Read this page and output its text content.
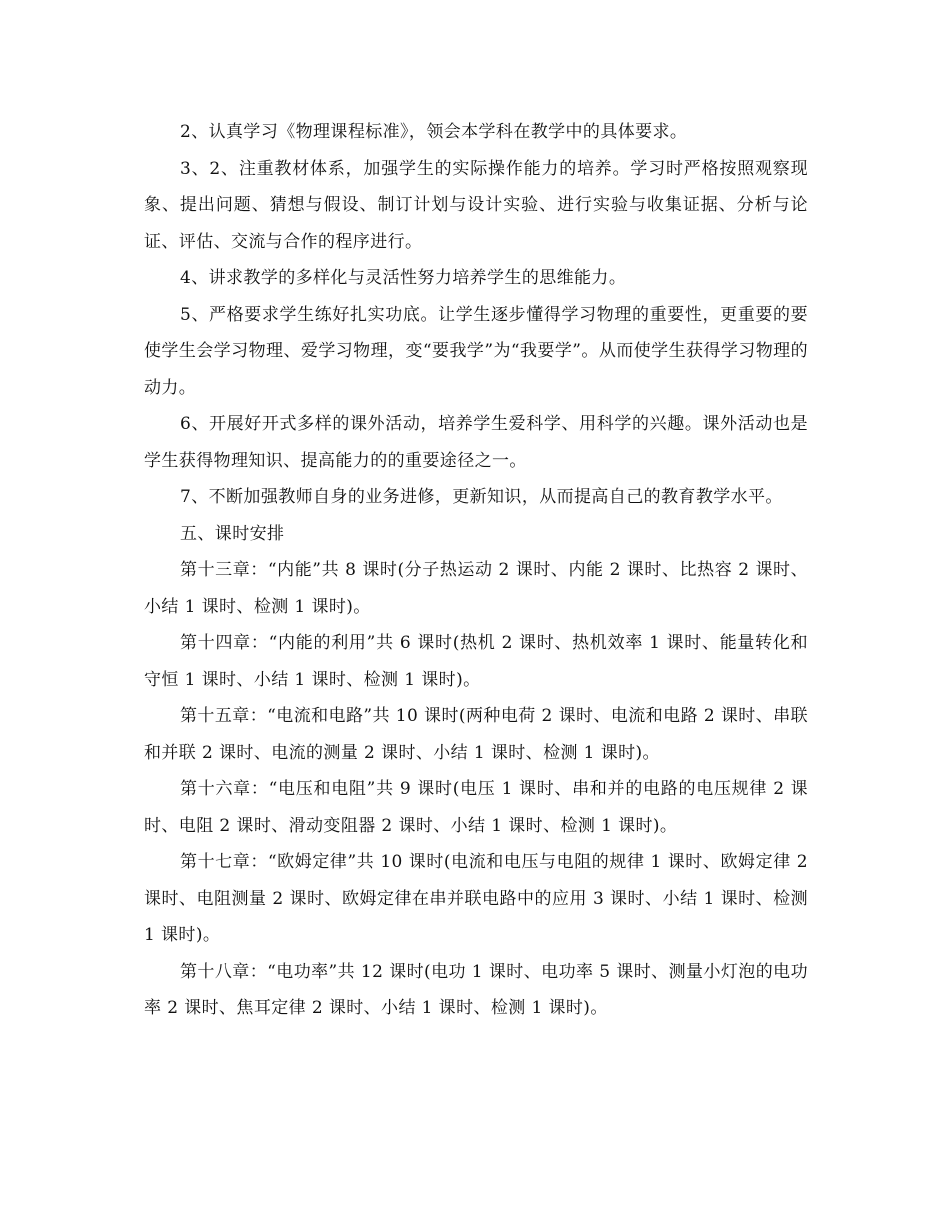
2、认真学习《物理课程标准》，领会本学科在教学中的具体要求。

3、2、注重教材体系，加强学生的实际操作能力的培养。学习时严格按照观察现象、提出问题、猜想与假设、制订计划与设计实验、进行实验与收集证据、分析与论证、评估、交流与合作的程序进行。

4、讲求教学的多样化与灵活性努力培养学生的思维能力。

5、严格要求学生练好扎实功底。让学生逐步懂得学习物理的重要性，更重要的要使学生会学习物理、爱学习物理，变“要我学”为“我要学”。从而使学生获得学习物理的动力。

6、开展好开式多样的课外活动，培养学生爱科学、用科学的兴趣。课外活动也是学生获得物理知识、提高能力的的重要途径之一。

7、不断加强教师自身的业务进修，更新知识，从而提高自己的教育教学水平。

五、课时安排

第十三章：“内能”共 8 课时(分子热运动 2 课时、内能 2 课时、比热容 2 课时、小结 1 课时、检测 1 课时)。

第十四章：“内能的利用”共 6 课时(热机 2 课时、热机效率 1 课时、能量转化和守恒 1 课时、小结 1 课时、检测 1 课时)。

第十五章：“电流和电路”共 10 课时(两种电荷 2 课时、电流和电路 2 课时、串联和并联 2 课时、电流的测量 2 课时、小结 1 课时、检测 1 课时)。

第十六章：“电压和电阻”共 9 课时(电压 1 课时、串和并的电路的电压规律 2 课时、电阻 2 课时、滑动变阻器 2 课时、小结 1 课时、检测 1 课时)。

第十七章：“欧姆定律”共 10 课时(电流和电压与电阻的规律 1 课时、欧姆定律 2 课时、电阻测量 2 课时、欧姆定律在串并联电路中的应用 3 课时、小结 1 课时、检测 1 课时)。

第十八章：“电功率”共 12 课时(电功 1 课时、电功率 5 课时、测量小灯泡的电功率 2 课时、焦耳定律 2 课时、小结 1 课时、检测 1 课时)。
